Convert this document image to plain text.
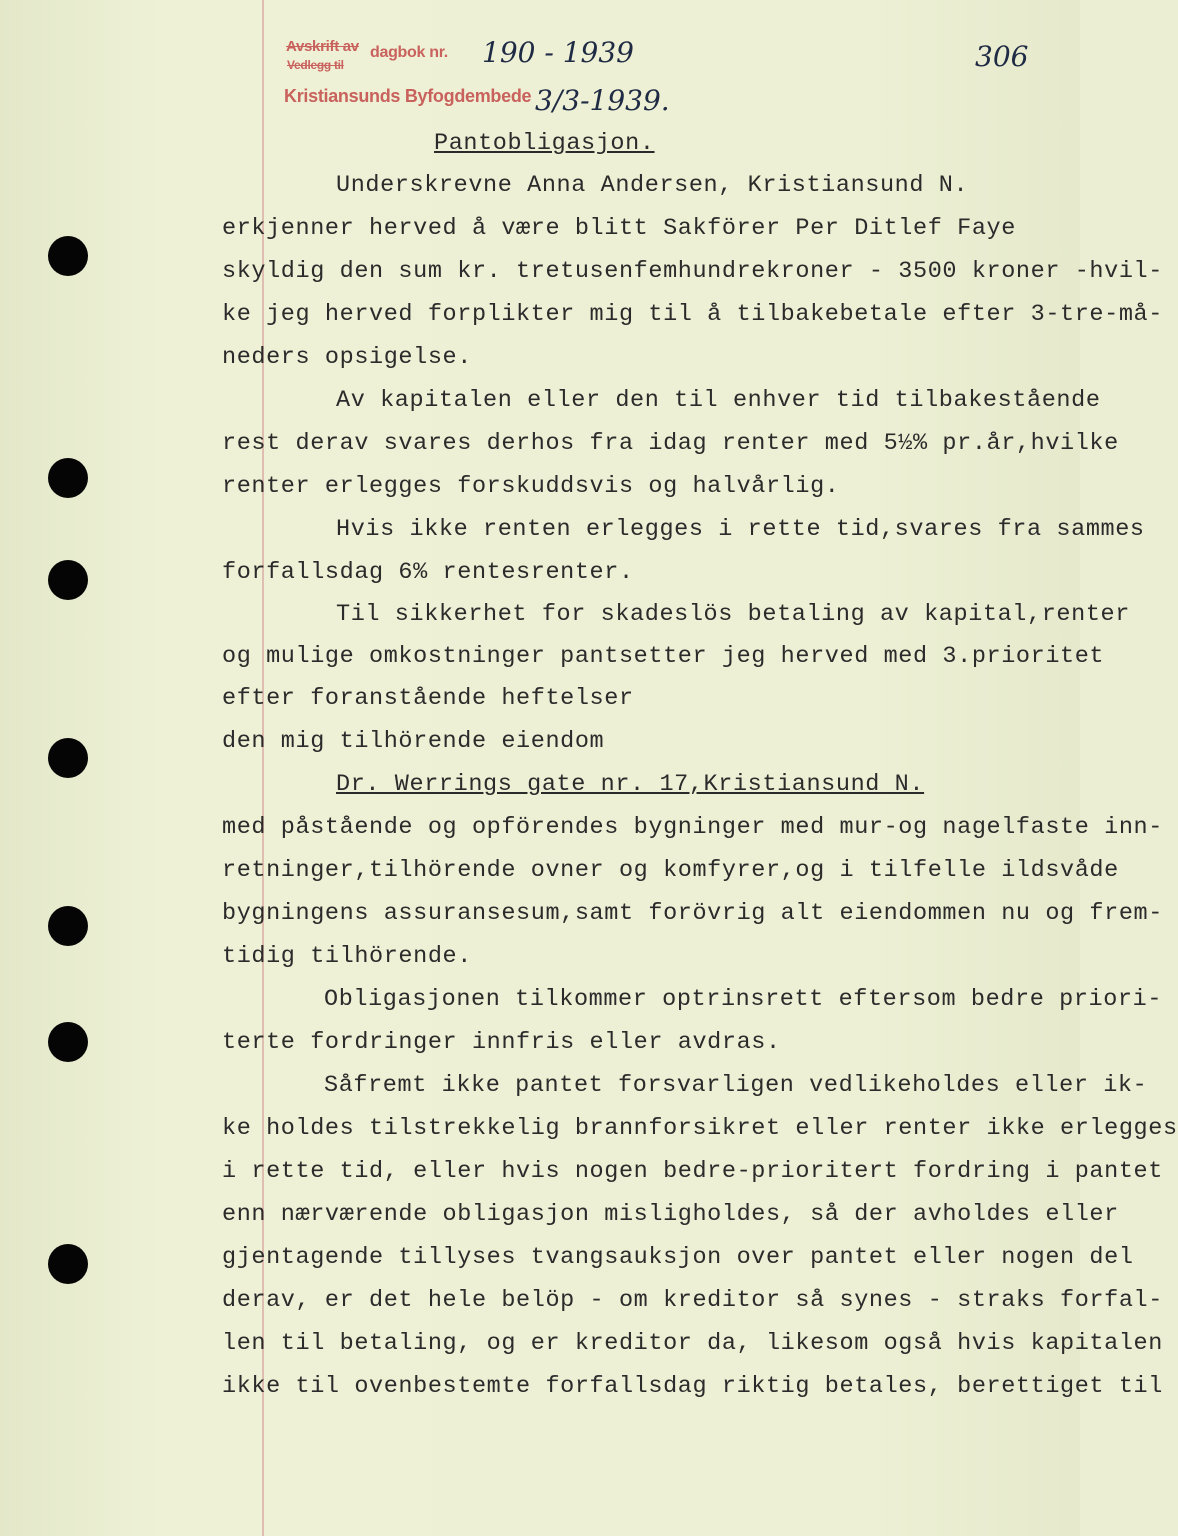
Avskrift av
Vedlegg til
dagbok nr.
Kristiansunds Byfogdembede
190 - 1939
3/3-1939.
306
Pantobligasjon.
Underskrevne Anna Andersen, Kristiansund N.
erkjenner herved å være blitt Sakförer Per Ditlef Faye
skyldig den sum kr. tretusenfemhundrekroner - 3500 kroner -hvil-
ke jeg herved forplikter mig til å tilbakebetale efter 3-tre-må-
neders opsigelse.
Av kapitalen eller den til enhver tid tilbakestående
rest derav svares derhos fra idag renter med 5½% pr.år,hvilke
renter erlegges forskuddsvis og halvårlig.
Hvis ikke renten erlegges i rette tid,svares fra sammes
forfallsdag 6% rentesrenter.
Til sikkerhet for skadeslös betaling av kapital,renter
og mulige omkostninger pantsetter jeg herved med 3.prioritet
efter foranstående heftelser
den mig tilhörende eiendom
Dr. Werrings gate nr. 17,Kristiansund N.
med påstående og opförendes bygninger med mur-og nagelfaste inn-
retninger,tilhörende ovner og komfyrer,og i tilfelle ildsvåde
bygningens assuransesum,samt forövrig alt eiendommen nu og frem-
tidig tilhörende.
Obligasjonen tilkommer optrinsrett eftersom bedre priori-
terte fordringer innfris eller avdras.
Såfremt ikke pantet forsvarligen vedlikeholdes eller ik-
ke holdes tilstrekkelig brannforsikret eller renter ikke erlegges
i rette tid, eller hvis nogen bedre-prioritert fordring i pantet
enn nærværende obligasjon misligholdes, så der avholdes eller
gjentagende tillyses tvangsauksjon over pantet eller nogen del
derav, er det hele belöp - om kreditor så synes - straks forfal-
len til betaling, og er kreditor da, likesom også hvis kapitalen
ikke til ovenbestemte forfallsdag riktig betales, berettiget til
